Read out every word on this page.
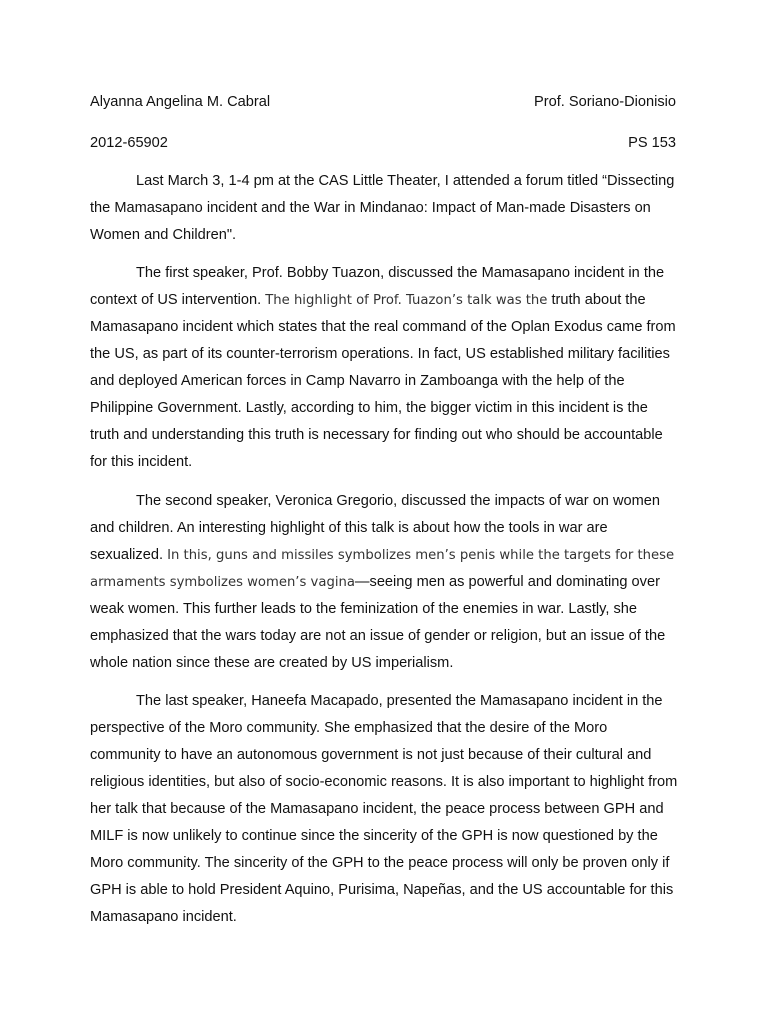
Alyanna Angelina M. Cabral	Prof. Soriano-Dionisio
2012-65902	PS 153

Last March 3, 1-4 pm at the CAS Little Theater, I attended a forum titled “Dissecting the Mamasapano incident and the War in Mindanao: Impact of Man-made Disasters on Women and Children".

The first speaker, Prof. Bobby Tuazon, discussed the Mamasapano incident in the context of US intervention. The highlight of Prof. Tuazon’s talk was the truth about the Mamasapano incident which states that the real command of the Oplan Exodus came from the US, as part of its counter-terrorism operations. In fact, US established military facilities and deployed American forces in Camp Navarro in Zamboanga with the help of the Philippine Government. Lastly, according to him, the bigger victim in this incident is the truth and understanding this truth is necessary for finding out who should be accountable for this incident.

The second speaker, Veronica Gregorio, discussed the impacts of war on women and children. An interesting highlight of this talk is about how the tools in war are sexualized. In this, guns and missiles symbolizes men’s penis while the targets for these armaments symbolizes women’s vagina—seeing men as powerful and dominating over weak women. This further leads to the feminization of the enemies in war. Lastly, she emphasized that the wars today are not an issue of gender or religion, but an issue of the whole nation since these are created by US imperialism.

The last speaker, Haneefa Macapado, presented the Mamasapano incident in the perspective of the Moro community. She emphasized that the desire of the Moro community to have an autonomous government is not just because of their cultural and religious identities, but also of socio-economic reasons. It is also important to highlight from her talk that because of the Mamasapano incident, the peace process between GPH and MILF is now unlikely to continue since the sincerity of the GPH is now questioned by the Moro community. The sincerity of the GPH to the peace process will only be proven only if GPH is able to hold President Aquino, Purisima, Napeñas, and the US accountable for this Mamasapano incident.
